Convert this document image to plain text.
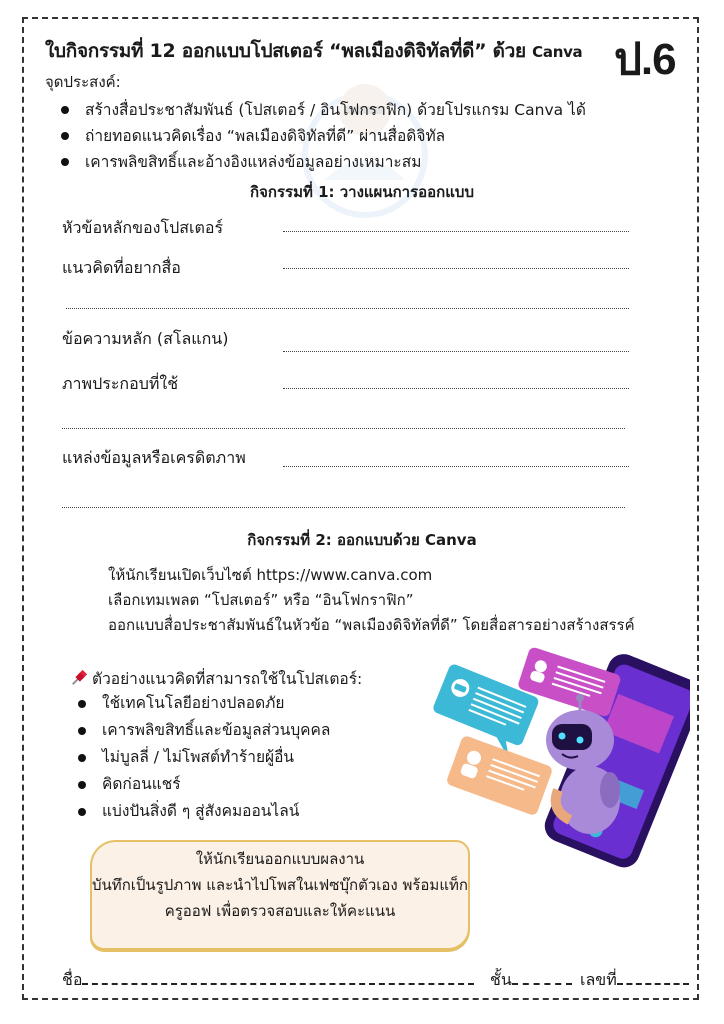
ใบกิจกรรมที่ 12 ออกแบบโปสเตอร์ “พลเมืองดิจิทัลที่ดี” ด้วย Canva ป.6
จุดประสงค์:
สร้างสื่อประชาสัมพันธ์ (โปสเตอร์ / อินโฟกราฟิก) ด้วยโปรแกรม Canva ได้
ถ่ายทอดแนวคิดเรื่อง “พลเมืองดิจิทัลที่ดี” ผ่านสื่อดิจิทัล
เคารพลิขสิทธิ์และอ้างอิงแหล่งข้อมูลอย่างเหมาะสม
กิจกรรมที่ 1: วางแผนการออกแบบ
หัวข้อหลักของโปสเตอร์
แนวคิดที่อยากสื่อ
ข้อความหลัก (สโลแกน)
ภาพประกอบที่ใช้
แหล่งข้อมูลหรือเครดิตภาพ
กิจกรรมที่ 2: ออกแบบด้วย Canva
ให้นักเรียนเปิดเว็บไซต์ https://www.canva.com
เลือกเทมเพลต “โปสเตอร์” หรือ “อินโฟกราฟิก”
ออกแบบสื่อประชาสัมพันธ์ในหัวข้อ “พลเมืองดิจิทัลที่ดี” โดยสื่อสารอย่างสร้างสรรค์
ตัวอย่างแนวคิดที่สามารถใช้ในโปสเตอร์:
ใช้เทคโนโลยีอย่างปลอดภัย
เคารพลิขสิทธิ์และข้อมูลส่วนบุคคล
ไม่บูลลี่ / ไม่โพสต์ทำร้ายผู้อื่น
คิดก่อนแชร์
แบ่งปันสิ่งดี ๆ สู่สังคมออนไลน์
ให้นักเรียนออกแบบผลงาน
บันทึกเป็นรูปภาพ และนำไปโพสในเฟซบุ๊กตัวเอง พร้อมแท็ก
ครูออฟ เพื่อตรวจสอบและให้คะแนน
ชื่อ	ชั้น	เลขที่
